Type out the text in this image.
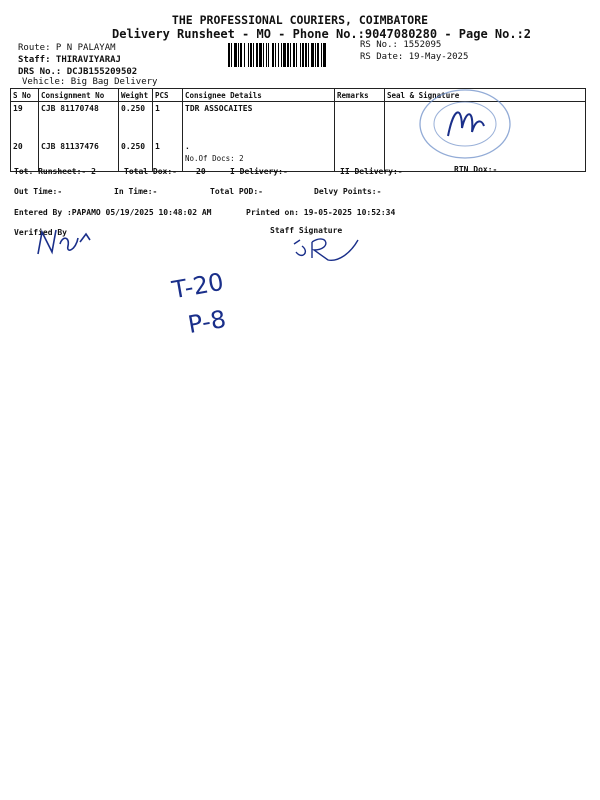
THE PROFESSIONAL COURIERS, COIMBATORE
Delivery Runsheet - MO - Phone No.:9047080280 - Page No.:2
Route: P N PALAYAM
Staff: THIRAVIYARAJ
DRS No.: DCJB155209502
Vehicle: Big Bag Delivery
RS No.: 1552095
RS Date: 19-May-2025
S No	Consignment No	Weight	PCS	Consignee Details	Remarks	Seal & Signature
19	CJB 81170748	0.250	1	TDR ASSOCAITES		
20	CJB 81137476	0.250	1	.
No.Of Docs: 2		

Tot. Runsheet:- 2	Total Dox:- 20	I Delivery:-	II Delivery:-	RTN Dox:-
Out Time:-	In Time:-	Total POD:-	Delvy Points:-
Entered By :PAPAMO 05/19/2025 10:48:02 AM	Printed on: 19-05-2025 10:52:34
Verified By	Staff Signature
T-20
P-8
